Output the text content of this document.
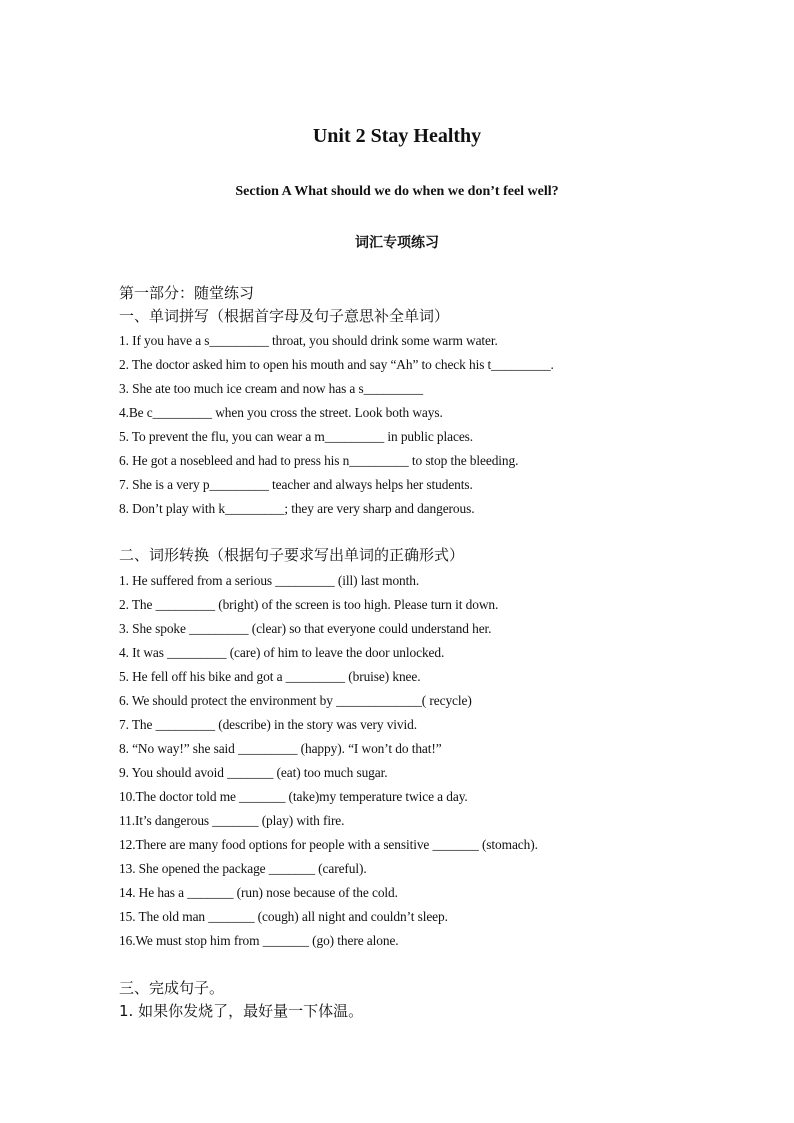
Unit 2 Stay Healthy
Section A What should we do when we don’t feel well?
词汇专项练习
第一部分：随堂练习
一、单词拼写（根据首字母及句子意思补全单词）
1. If you have a s_________ throat, you should drink some warm water.
2. The doctor asked him to open his mouth and say “Ah” to check his t_________.
3. She ate too much ice cream and now has a s_________
4.Be c_________ when you cross the street. Look both ways.
5. To prevent the flu, you can wear a m_________ in public places.
6. He got a nosebleed and had to press his n_________ to stop the bleeding.
7. She is a very p_________ teacher and always helps her students.
8. Don’t play with k_________; they are very sharp and dangerous.
二、词形转换（根据句子要求写出单词的正确形式）
1. He suffered from a serious _________ (ill) last month.
2. The _________ (bright) of the screen is too high. Please turn it down.
3. She spoke _________ (clear) so that everyone could understand her.
4. It was _________ (care) of him to leave the door unlocked.
5. He fell off his bike and got a _________ (bruise) knee.
6. We should protect the environment by _____________( recycle)
7. The _________ (describe) in the story was very vivid.
8. “No way!” she said _________ (happy). “I won’t do that!”
9. You should avoid _______ (eat) too much sugar.
10.The doctor told me _______ (take)my temperature twice a day.
11.It’s dangerous _______ (play) with fire.
12.There are many food options for people with a sensitive _______ (stomach).
13. She opened the package _______ (careful).
14. He has a _______ (run) nose because of the cold.
15. The old man _______ (cough) all night and couldn’t sleep.
16.We must stop him from _______ (go) there alone.
三、完成句子。
1. 如果你发烧了，最好量一下体温。
